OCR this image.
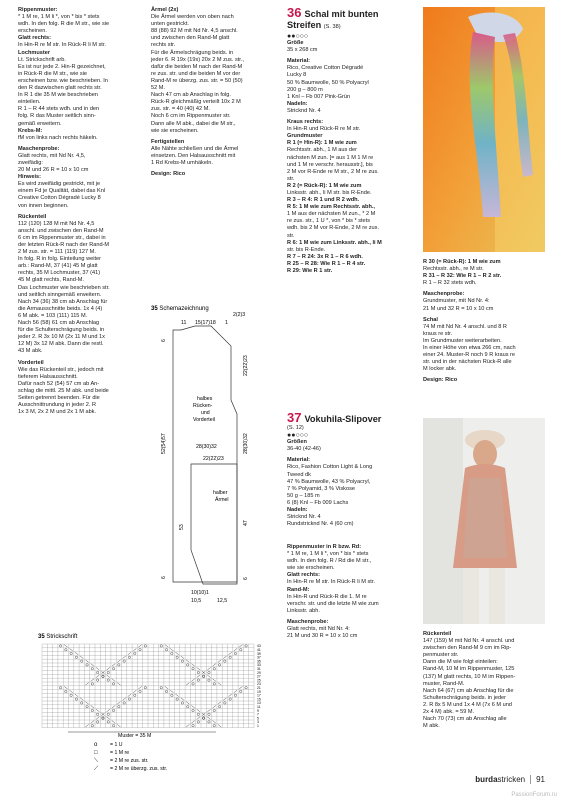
Rippenmuster:

* 1 M re, 1 M li *, von * bis * stets

wdh. In den folg. R die M str., wie sie

erscheinen.

Glatt rechts:

In Hin-R re M str. In Rück-R li M str.

Lochmuster

Lt. Strickschrift arb.

Es ist nur jede 2. Hin-R gezeichnet,

in Rück-R die M str., wie sie

erscheinen bzw. wie beschrieben. In

den R dazwischen glatt rechts str.

In R 1 die 35 M wie beschrieben

einteilen.

R 1 – R 44 stets wdh. und in den

folg. R das Muster seitlich sinn-

gemäß erweitern.

Krebs-M:

fM von links nach rechts häkeln.

Maschenprobe:

Glatt rechts, mit Nd Nr. 4,5,

zweifädig:

20 M und 26 R = 10 x 10 cm

Hinweis:

Es wird zweifädig gestrickt, mit je

einem Fd je Qualität, dabei das Knl

Creative Cotton Dégradé Lucky 8

von innen beginnen.

Rückenteil

112 (120) 128 M mit Nd Nr. 4,5

anschl. und zwischen den Rand-M

6 cm im Rippenmuster str., dabei in

der letzten Rück-R nach der Rand-M

2 M zus. str. = 111 (119) 127 M.

In folg. R in folg. Einteilung weiter

arb.: Rand-M, 37 (41) 45 M glatt

rechts, 35 M Lochmuster, 37 (41)

45 M glatt rechts, Rand-M.

Das Lochmuster wie beschrieben str.

und seitlich sinngemäß erweitern.

Nach 34 (36) 38 cm ab Anschlag für

die Armausschnitte beids. 1x 4 (4)

6 M abk. = 103 (111) 115 M.

Nach 56 (58) 61 cm ab Anschlag

für die Schulterschrägung beids. in

jeder 2. R 3x 10 M (2x 11 M und 1x

12 M) 3x 12 M abk. Dann die restl.

43 M abk.

Vorderteil

Wie das Rückenteil str., jedoch mit

tieferem Halsausschnitt.

Dafür nach 52 (54) 57 cm ab An-

schlag die mittl. 25 M abk. und beide

Seiten getrennt beenden. Für die

Ausschnittrundung in jeder 2. R

1x 3 M, 2x 2 M und 2x 1 M abk.

Ärmel (2x)

Die Ärmel werden von oben nach

unten gestrickt.

88 (88) 92 M mit Nd Nr. 4,5 anschl.

und zwischen den Rand-M glatt

rechts str.

Für die Ärmelschrägung beids. in

jeder 6. R 19x (19x) 20x 2 M zus. str.,

dafür die beiden M nach der Rand-M

re zus. str. und die beiden M vor der

Rand-M re überzg. zus. str. = 50 (50)

52 M.

Nach 47 cm ab Anschlag in folg.

Rück-R gleichmäßig verteilt 10x 2 M

zus. str. = 40 (40) 42 M.

Noch 6 cm im Rippenmuster str.

Dann alle M abk., dabei die M str.,

wie sie erscheinen.

Fertigstellen

Alle Nähte schließen und die Ärmel

einsetzen. Den Halsausschnitt mit

1 Rd Krebs-M umhäkeln.

Design: Rico

35 Schemazeichnung
11 15(17)18 1
2(2)3
22(22)23
28(30)32
6
52(54)57
6
halbes
Rücken-
und
Vorderteil
28(30)32
22(22)23
halber
Ärmel
53
47
6
10(10)1
10,5	12,5
35 Strickschrift
43
41
39
37
35
33
31
29
27
25
23
21
19
17
15
13
11
9
7
5
3
1
Muster = 35 M
o = 1 U
□ = 1 M re
⟍ = 2 M re zus. str.
⟋ = 2 M re überzg. zus. str.

36 Schal mit bunten

Streifen (S. 38)

●●○○○

Größe

35 x 268 cm

Material:

Rico, Creative Cotton Dégradé

Lucky 8

50 % Baumwolle, 50 % Polyacryl

200 g – 800 m

1 Knl – Fb 007 Pink-Grün

Nadeln:

Stricknd Nr. 4

Kraus rechts:

In Hin-R und Rück-R re M str.

Grundmuster

R 1 (= Hin-R): 1 M wie zum

Rechtsstr. abh., 1 M aus der

nächsten M zun. [= aus 1 M 1 M re

und 1 M re verschr. herausstr.], bis

2 M vor R-Ende re M str., 2 M re zus.

str.

R 2 (= Rück-R): 1 M wie zum

Linksstr. abh., li M str. bis R-Ende.

R 3 – R 4: R 1 und R 2 wdh.

R 5: 1 M wie zum Rechtsstr. abh.,

1 M aus der nächsten M zun., * 2 M

re zus. str., 1 U *, von * bis * stets

wdh. bis 2 M vor R-Ende, 2 M re zus.

str.

R 6: 1 M wie zum Linksstr. abh., li M

str. bis R-Ende.

R 7 – R 24: 3x R 1 – R 6 wdh.

R 25 – R 28: Wie R 1 – R 4 str.

R 29: Wie R 1 str.

R 30 (= Rück-R): 1 M wie zum

Rechtsstr. abh., re M str.

R 31 – R 32: Wie R 1 – R 2 str.

R 1 – R 32 stets wdh.

Maschenprobe:

Grundmuster, mit Nd Nr. 4:

21 M und 32 R = 10 x 10 cm

Schal

74 M mit Nd Nr. 4 anschl. und 8 R

kraus re str.

Im Grundmuster weiterarbeiten.

In einer Höhe von etwa 266 cm, nach

einer 24. Muster-R noch 9 R kraus re

str. und in der nächsten Rück-R alle

M locker abk.

Design: Rico

37 Vokuhila-Slipover

(S. 12)

●●○○○

Größen

36-40 (42-46)

Material:

Rico, Fashion Cotton Light & Long

Tweed dk

47 % Baumwolle, 43 % Polyacryl,

7 % Polyamid, 3 % Viskose

50 g – 185 m

6 (8) Knl – Fb 009 Lachs

Nadeln:

Stricknd Nr. 4

Rundstricknd Nr. 4 (60 cm)

Rippenmuster in R bzw. Rd:

* 1 M re, 1 M li *, von * bis * stets

wdh. In den folg. R / Rd die M str.,

wie sie erscheinen.

Glatt rechts:

In Hin-R re M str. In Rück-R li M str.

Rand-M:

In Hin-R und Rück-R die 1. M re

verschr. str. und die letzte M wie zum

Linksstr. abh.

Maschenprobe:

Glatt rechts, mit Nd Nr. 4:

21 M und 30 R = 10 x 10 cm	Rückenteil

147 (159) M mit Nd Nr. 4 anschl. und

zwischen den Rand-M 9 cm im Rip-

penmuster str.

Dann die M wie folgt einteilen:

Rand-M, 10 M im Rippenmuster, 125

(137) M glatt rechts, 10 M im Rippen-

muster, Rand-M.

Nach 64 (67) cm ab Anschlag für die

Schulterschrägung beids. in jeder

2. R 8x 5 M und 1x 4 M (7x 6 M und

2x 4 M) abk. = 59 M.

Nach 70 (73) cm ab Anschlag alle

M abk.

burdastricken 91
PassionForum.ru
